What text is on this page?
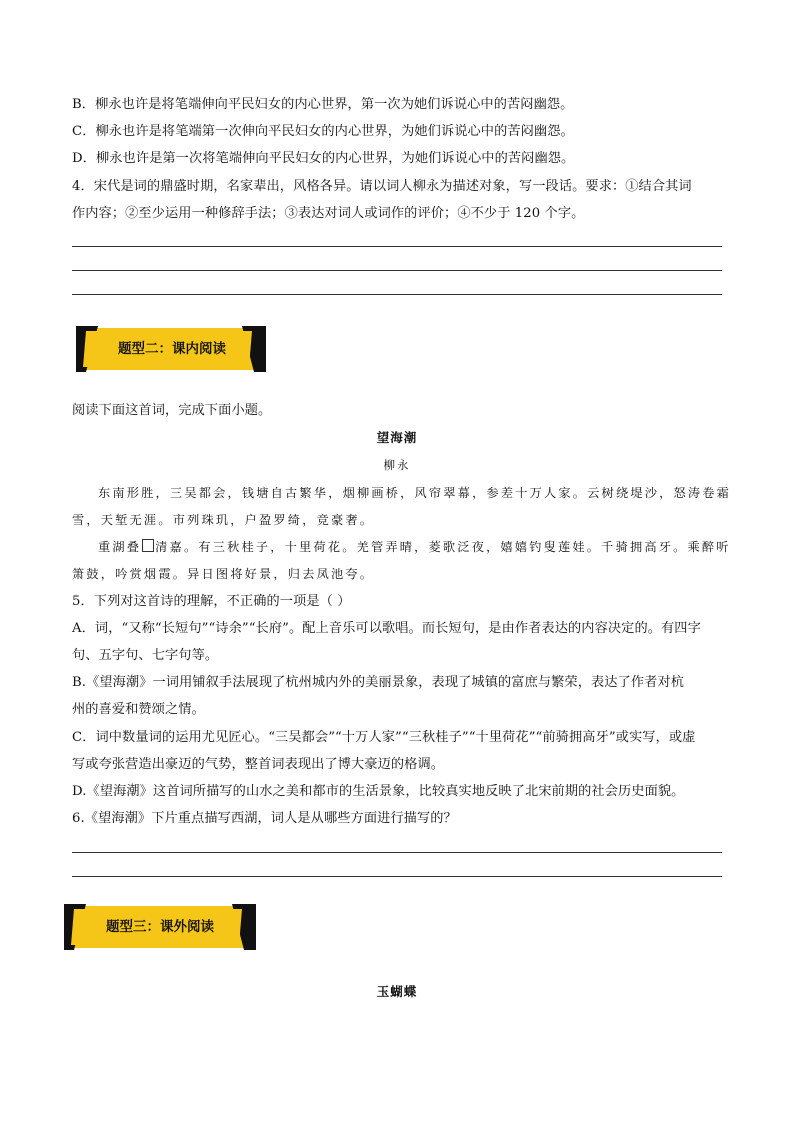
B．柳永也许是将笔端伸向平民妇女的内心世界，第一次为她们诉说心中的苦闷幽怨。
C．柳永也许是将笔端第一次伸向平民妇女的内心世界，为她们诉说心中的苦闷幽怨。
D．柳永也许是第一次将笔端伸向平民妇女的内心世界，为她们诉说心中的苦闷幽怨。
4．宋代是词的鼎盛时期，名家辈出，风格各异。请以词人柳永为描述对象，写一段话。要求：①结合其词
作内容；②至少运用一种修辞手法；③表达对词人或词作的评价；④不少于 120 个字。
题型二：课内阅读
阅读下面这首词，完成下面小题。
望海潮
柳永
东南形胜，三吴都会，钱塘自古繁华，烟柳画桥，风帘翠幕，参差十万人家。云树绕堤沙，怒涛卷霜
雪，天堑无涯。市列珠玑，户盈罗绮，竞豪奢。
重湖叠 清嘉。有三秋桂子，十里荷花。羌管弄晴，菱歌泛夜，嬉嬉钓叟莲娃。千骑拥高牙。乘醉听
箫鼓，吟赏烟霞。异日图将好景，归去凤池夸。
5．下列对这首诗的理解，不正确的一项是（ ）
A．词，“又称“长短句”“诗余”“长府”。配上音乐可以歌唱。而长短句，是由作者表达的内容决定的。有四字
句、五字句、七字句等。
B.《望海潮》一词用铺叙手法展现了杭州城内外的美丽景象，表现了城镇的富庶与繁荣，表达了作者对杭
州的喜爱和赞颂之情。
C．词中数量词的运用尤见匠心。“三吴都会”“十万人家”“三秋桂子”“十里荷花”“前骑拥高牙”或实写，或虚
写或夸张营造出豪迈的气势，整首词表现出了博大豪迈的格调。
D.《望海潮》这首词所描写的山水之美和都市的生活景象，比较真实地反映了北宋前期的社会历史面貌。
6.《望海潮》下片重点描写西湖，词人是从哪些方面进行描写的？
题型三：课外阅读
玉蝴蝶
